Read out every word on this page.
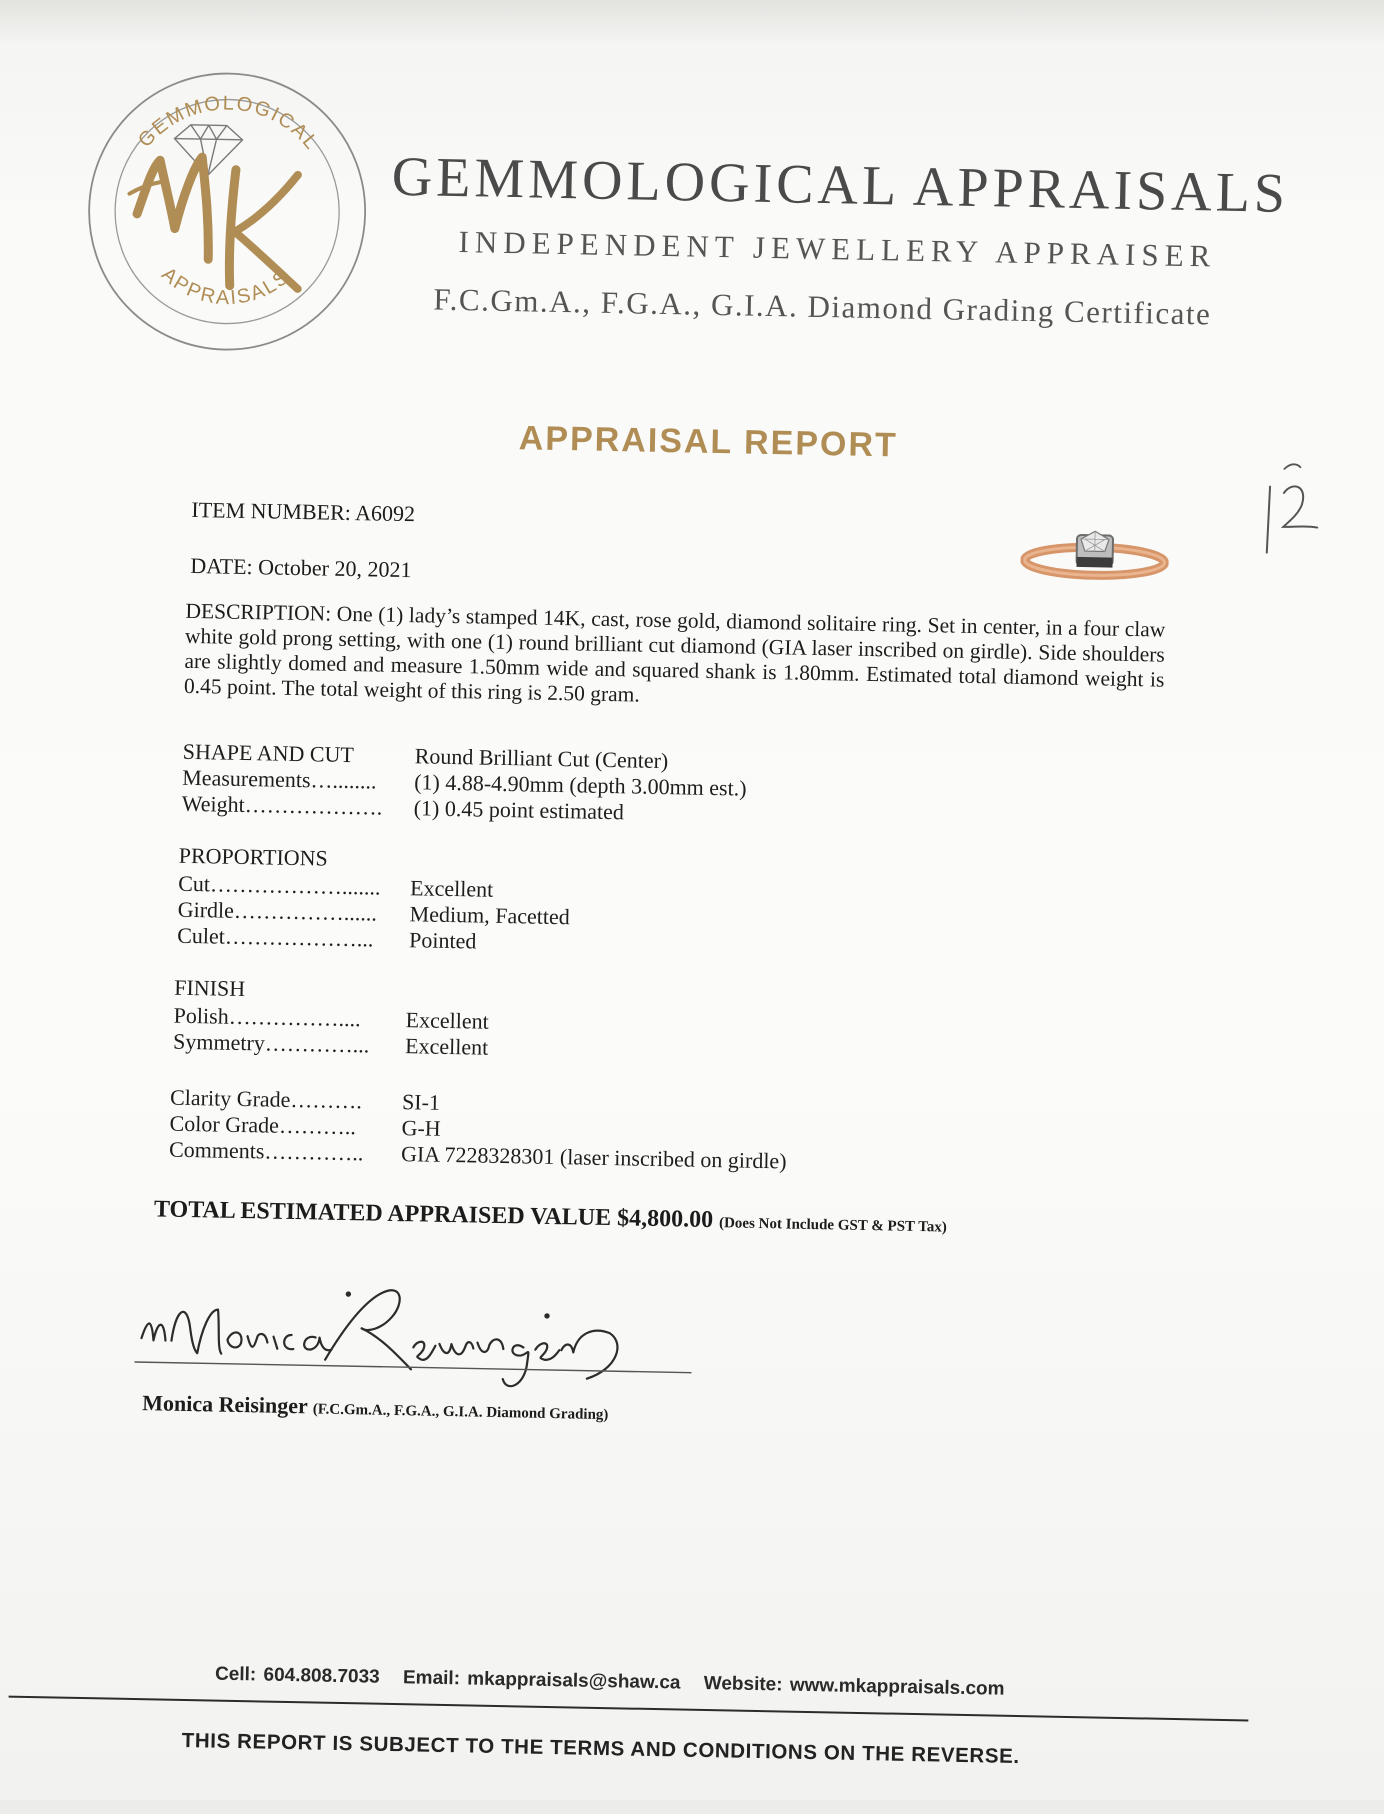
GEMMOLOGICAL
APPRAISALS
GEMMOLOGICAL APPRAISALS
INDEPENDENT JEWELLERY APPRAISER
F.C.Gm.A., F.G.A., G.I.A. Diamond Grading Certificate
APPRAISAL REPORT
12
ITEM NUMBER: A6092
DATE: October 20, 2021
DESCRIPTION: One (1) lady’s stamped 14K, cast, rose gold, diamond solitaire ring. Set in center, in a four claw white gold prong setting, with one (1) round brilliant cut diamond (GIA laser inscribed on girdle). Side shoulders are slightly domed and measure 1.50mm wide and squared shank is 1.80mm. Estimated total diamond weight is 0.45 point. The total weight of this ring is 2.50 gram.
SHAPE AND CUT	Round Brilliant Cut (Center)
Measurements…........ (1) 4.88-4.90mm (depth 3.00mm est.)
Weight………………. (1) 0.45 point estimated
PROPORTIONS
Cut………………....... Excellent
Girdle……………...... Medium, Facetted
Culet………………... Pointed
FINISH
Polish…………….... Excellent
Symmetry…………... Excellent
Clarity Grade………. SI-1
Color Grade……….. G-H
Comments………….. GIA 7228328301 (laser inscribed on girdle)
TOTAL ESTIMATED APPRAISED VALUE $4,800.00 (Does Not Include GST & PST Tax)
Monica Reisinger (F.C.Gm.A., F.G.A., G.I.A. Diamond Grading)
Cell: 604.808.7033 Email: mkappraisals@shaw.ca Website: www.mkappraisals.com
THIS REPORT IS SUBJECT TO THE TERMS AND CONDITIONS ON THE REVERSE.
